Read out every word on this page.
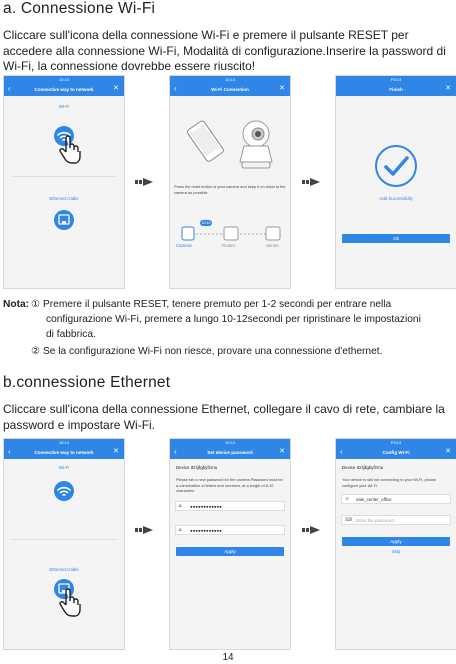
a. Connessione Wi-Fi
Cliccare sull'icona della connessione Wi-Fi e premere il pulsante RESET per accedere alla connessione Wi-Fi, Modalità di configurazione.Inserire la password di Wi-Fi, la connessione dovrebbe essere riuscito!
10:10
‹	Connective way to network	✕
Wi-Fi
Ethernet Cable
10:10
‹	Wi-Fi Connection	✕
Press the reset button of your camera and keep it on show to the camera as possible
10:10
Camera	Router	Server
P10:3
Finish	✕
Add Successfully
Ok
Nota: ① Premere il pulsante RESET, tenere premuto per 1-2 secondi per entrare nella
configurazione Wi-Fi, premere a lungo 10-12secondi per ripristinare le impostazioni
di fabbrica.
② Se la configurazione Wi-Fi non riesce, provare una connessione d'ethernet.
b.connessione Ethernet
Cliccare sull'icona della connessione Ethernet, collegare il cavo di rete, cambiare la password e impostare Wi-Fi.
10:10
‹	Connective way to network	✕
Wi-Fi
Ethernet Cable
10:10
‹	Set device password	✕
Device ID:tjllgbyfzrnu
Please set a new password for the camera,Password must be a combination of letters and numbers, at a length of 8-32 characters
●●●●●●●●●●●●
🔒︎
●●●●●●●●●●●●
🔒︎
Apply
P10:3
‹	Config Wi-Fi	✕
Device ID:tjllgbyfzrnu
Your device is still not connecting to your Wi-Fi, please configure your Wi-Fi.
sale_center_office
≋
Enter the password
⌨︎
Apply
Skip
14
